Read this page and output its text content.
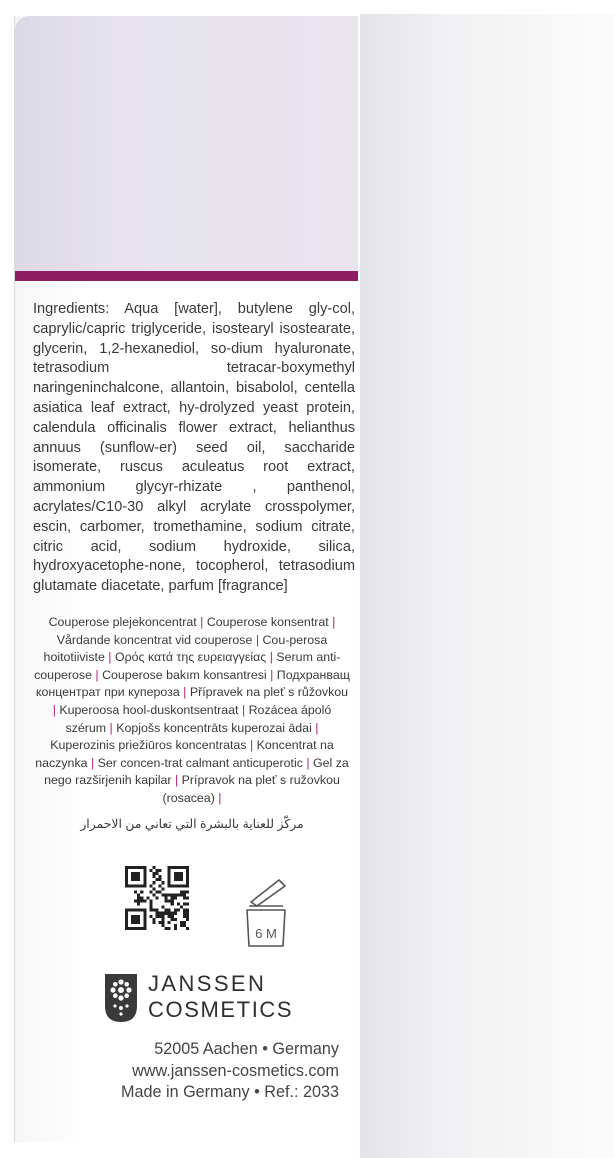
Ingredients: Aqua [water], butylene gly-col, caprylic/capric triglyceride, isostearyl isostearate, glycerin, 1,2-hexanediol, so-dium hyaluronate, tetrasodium tetracar-boxymethyl naringeninchalcone, allantoin, bisabolol, centella asiatica leaf extract, hy-drolyzed yeast protein, calendula officinalis flower extract, helianthus annuus (sunflow-er) seed oil, saccharide isomerate, ruscus aculeatus root extract, ammonium glycyr-rhizate , panthenol, acrylates/C10-30 alkyl acrylate crosspolymer, escin, carbomer, tromethamine, sodium citrate, citric acid, sodium hydroxide, silica, hydroxyacetophe-none, tocopherol, tetrasodium glutamate diacetate, parfum [fragrance]

Couperose plejekoncentrat | Couperose konsentrat | Vårdande koncentrat vid couperose | Cou-perosa hoitotiiviste | Ορός κατά της ευρειαγγείας | Serum anti-couperose | Couperose bakım konsantresi | Подхранващ концентрат при купероза | Přípravek na pleť s růžovkou | Kuperoosa hool-duskontsentraat | Rozácea ápoló szérum | Kopjošs koncentrāts kuperozai ādai | Kuperozinis priežiūros koncentratas | Koncentrat na naczynka | Ser concen-trat calmant anticuperotic | Gel za nego razširjenih kapilar | Prípravok na pleť s ružovkou (rosacea) |

مركّز للعناية بالبشرة التي تعاني من الاحمرار
6 M
JANSSEN
COSMETICS
52005 Aachen • Germany
www.janssen-cosmetics.com
Made in Germany • Ref.: 2033
